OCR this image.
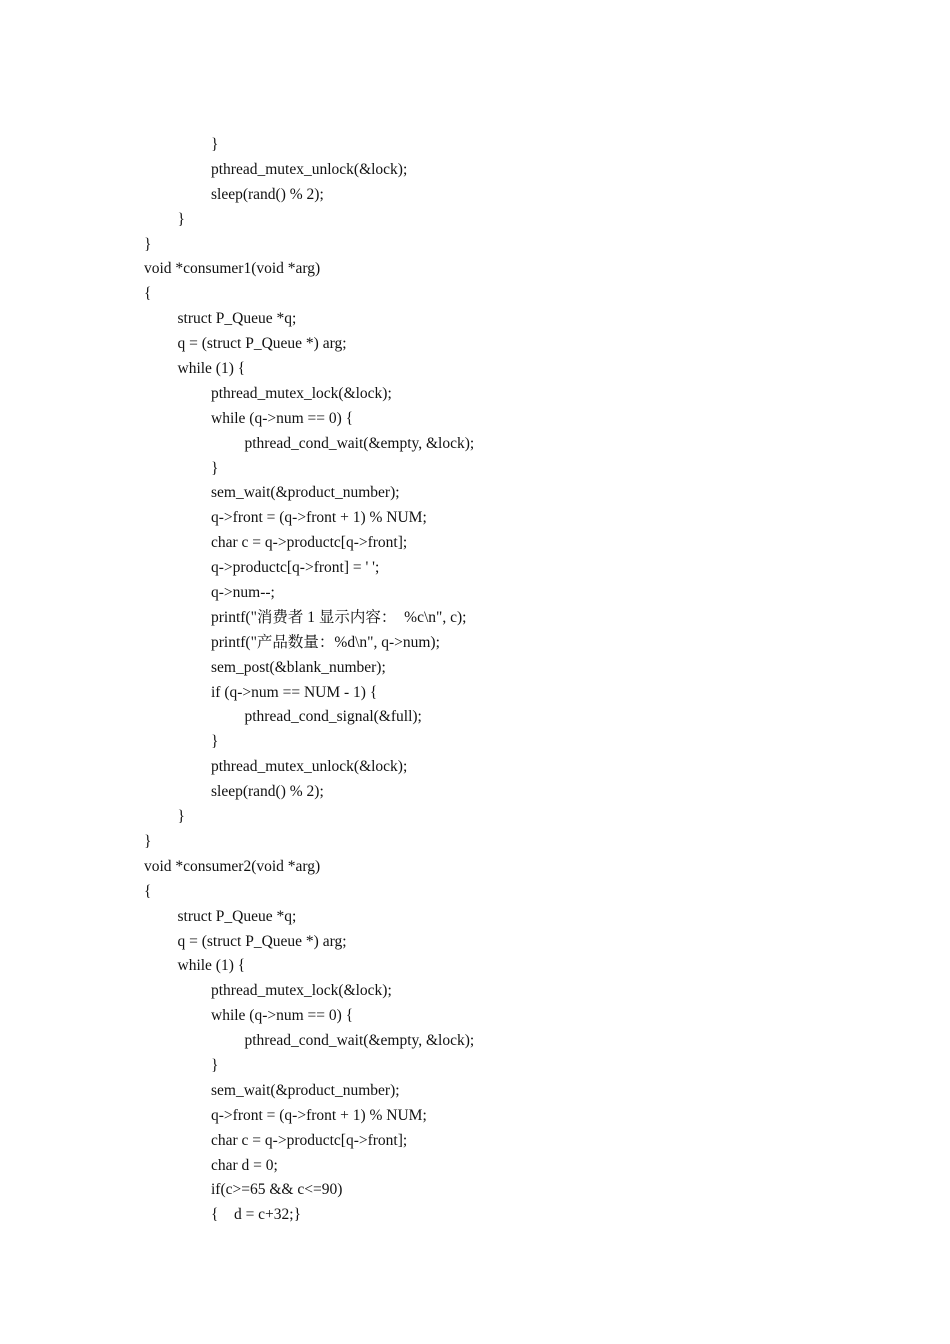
}
pthread_mutex_unlock(&lock);
sleep(rand() % 2);
}
}
void *consumer1(void *arg)
{
struct P_Queue *q;
q = (struct P_Queue *) arg;
while (1) {
pthread_mutex_lock(&lock);
while (q->num == 0) {
pthread_cond_wait(&empty, &lock);
}
sem_wait(&product_number);
q->front = (q->front + 1) % NUM;
char c = q->productc[q->front];
q->productc[q->front] = ' ';
q->num--;
printf("消费者 1 显示内容：  %c\n", c);
printf("产品数量：%d\n", q->num);
sem_post(&blank_number);
if (q->num == NUM - 1) {
pthread_cond_signal(&full);
}
pthread_mutex_unlock(&lock);
sleep(rand() % 2);
}
}
void *consumer2(void *arg)
{
struct P_Queue *q;
q = (struct P_Queue *) arg;
while (1) {
pthread_mutex_lock(&lock);
while (q->num == 0) {
pthread_cond_wait(&empty, &lock);
}
sem_wait(&product_number);
q->front = (q->front + 1) % NUM;
char c = q->productc[q->front];
char d = 0;
if(c>=65 && c<=90)
{    d = c+32;}
